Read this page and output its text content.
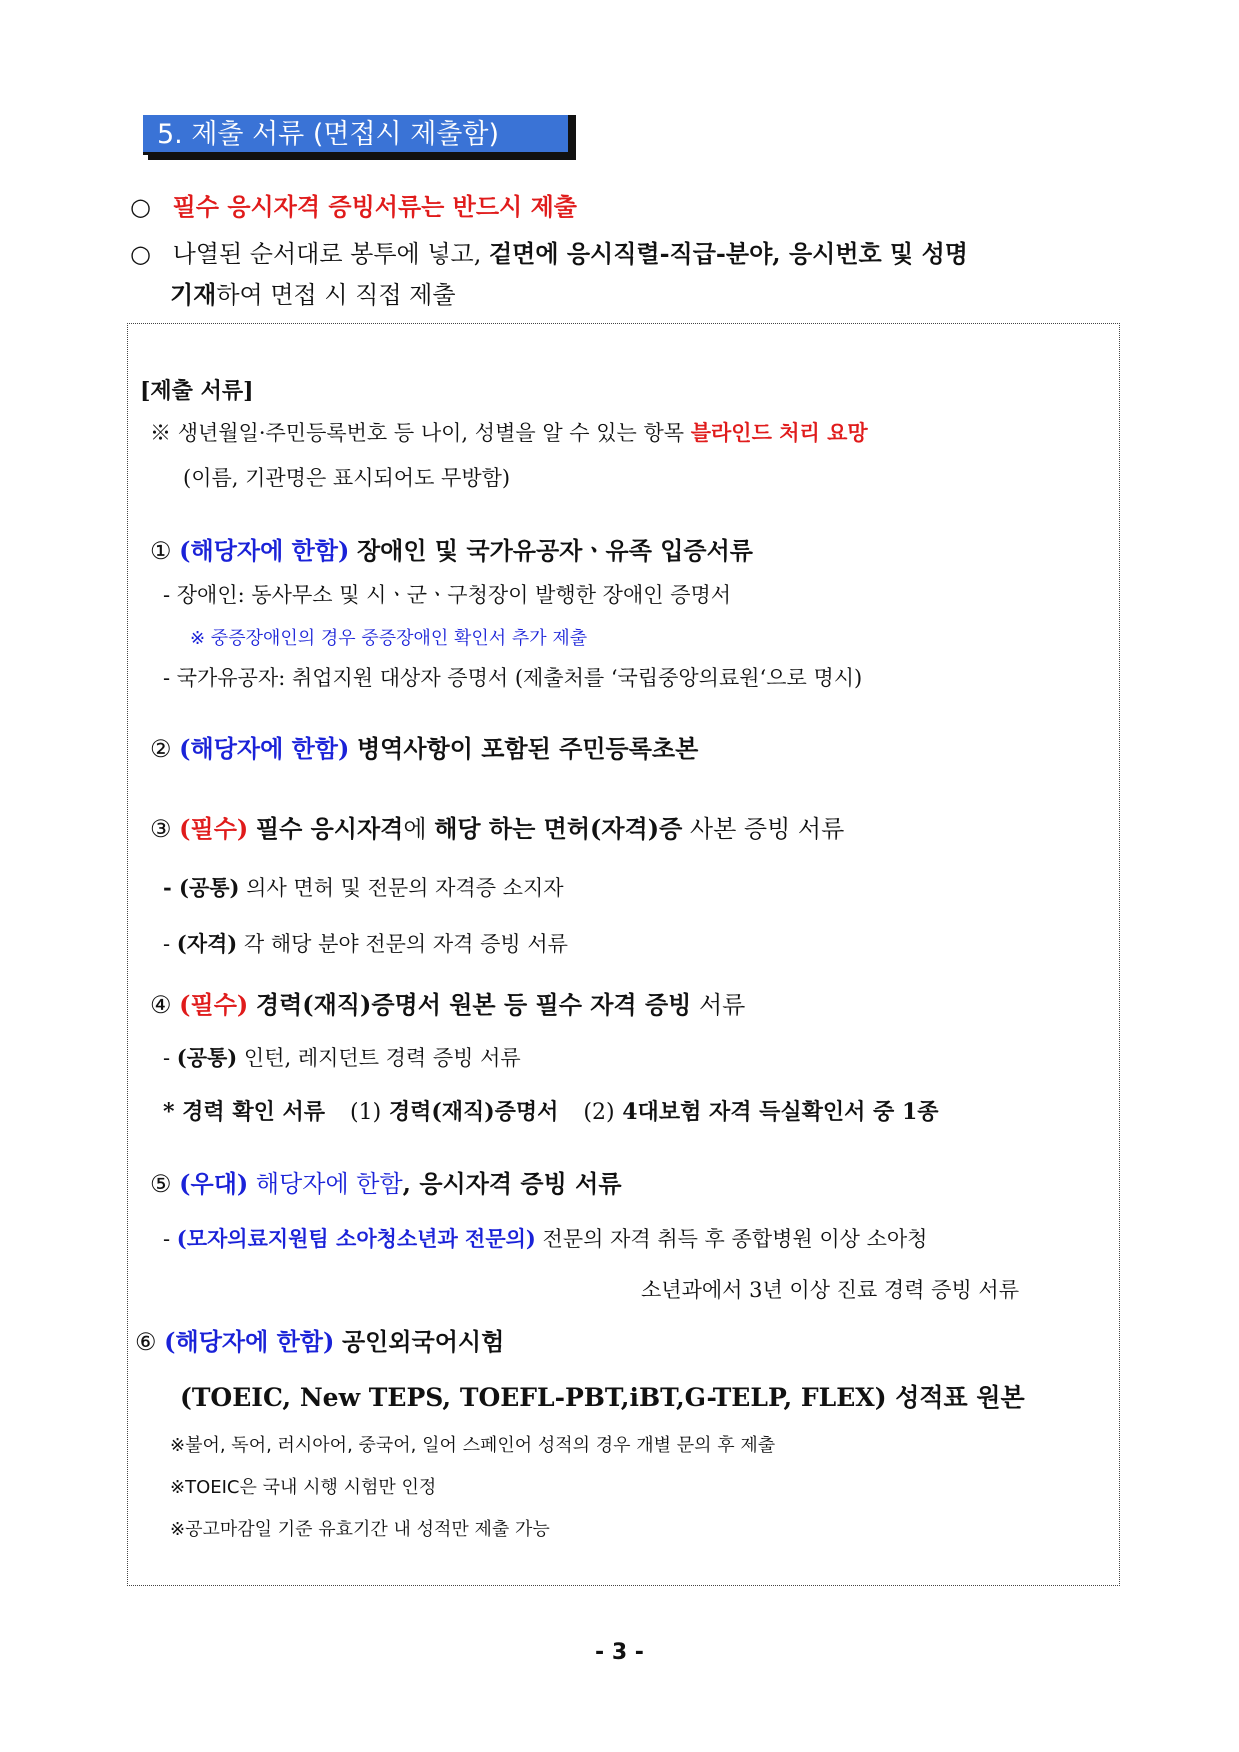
5. 제출 서류 (면접시 제출함)
○ 필수 응시자격 증빙서류는 반드시 제출
○ 나열된 순서대로 봉투에 넣고, 겉면에 응시직렬-직급-분야, 응시번호 및 성명
기재하여 면접 시 직접 제출
[제출 서류]
※ 생년월일·주민등록번호 등 나이, 성별을 알 수 있는 항목 블라인드 처리 요망
(이름, 기관명은 표시되어도 무방함)
① (해당자에 한함) 장애인 및 국가유공자ㆍ유족 입증서류
- 장애인: 동사무소 및 시ㆍ군ㆍ구청장이 발행한 장애인 증명서
※ 중증장애인의 경우 중증장애인 확인서 추가 제출
- 국가유공자: 취업지원 대상자 증명서 (제출처를 ‘국립중앙의료원‘으로 명시)
② (해당자에 한함) 병역사항이 포함된 주민등록초본
③ (필수) 필수 응시자격에 해당 하는 면허(자격)증 사본 증빙 서류
- (공통) 의사 면허 및 전문의 자격증 소지자
- (자격) 각 해당 분야 전문의 자격 증빙 서류
④ (필수) 경력(재직)증명서 원본 등 필수 자격 증빙 서류
- (공통) 인턴, 레지던트 경력 증빙 서류
* 경력 확인 서류 (1) 경력(재직)증명서 (2) 4대보험 자격 득실확인서 중 1종
⑤ (우대) 해당자에 한함, 응시자격 증빙 서류
- (모자의료지원팀 소아청소년과 전문의) 전문의 자격 취득 후 종합병원 이상 소아청
소년과에서 3년 이상 진료 경력 증빙 서류
⑥ (해당자에 한함) 공인외국어시험
(TOEIC, New TEPS, TOEFL-PBT,iBT,G-TELP, FLEX) 성적표 원본
※불어, 독어, 러시아어, 중국어, 일어 스페인어 성적의 경우 개별 문의 후 제출
※TOEIC은 국내 시행 시험만 인정
※공고마감일 기준 유효기간 내 성적만 제출 가능
- 3 -
